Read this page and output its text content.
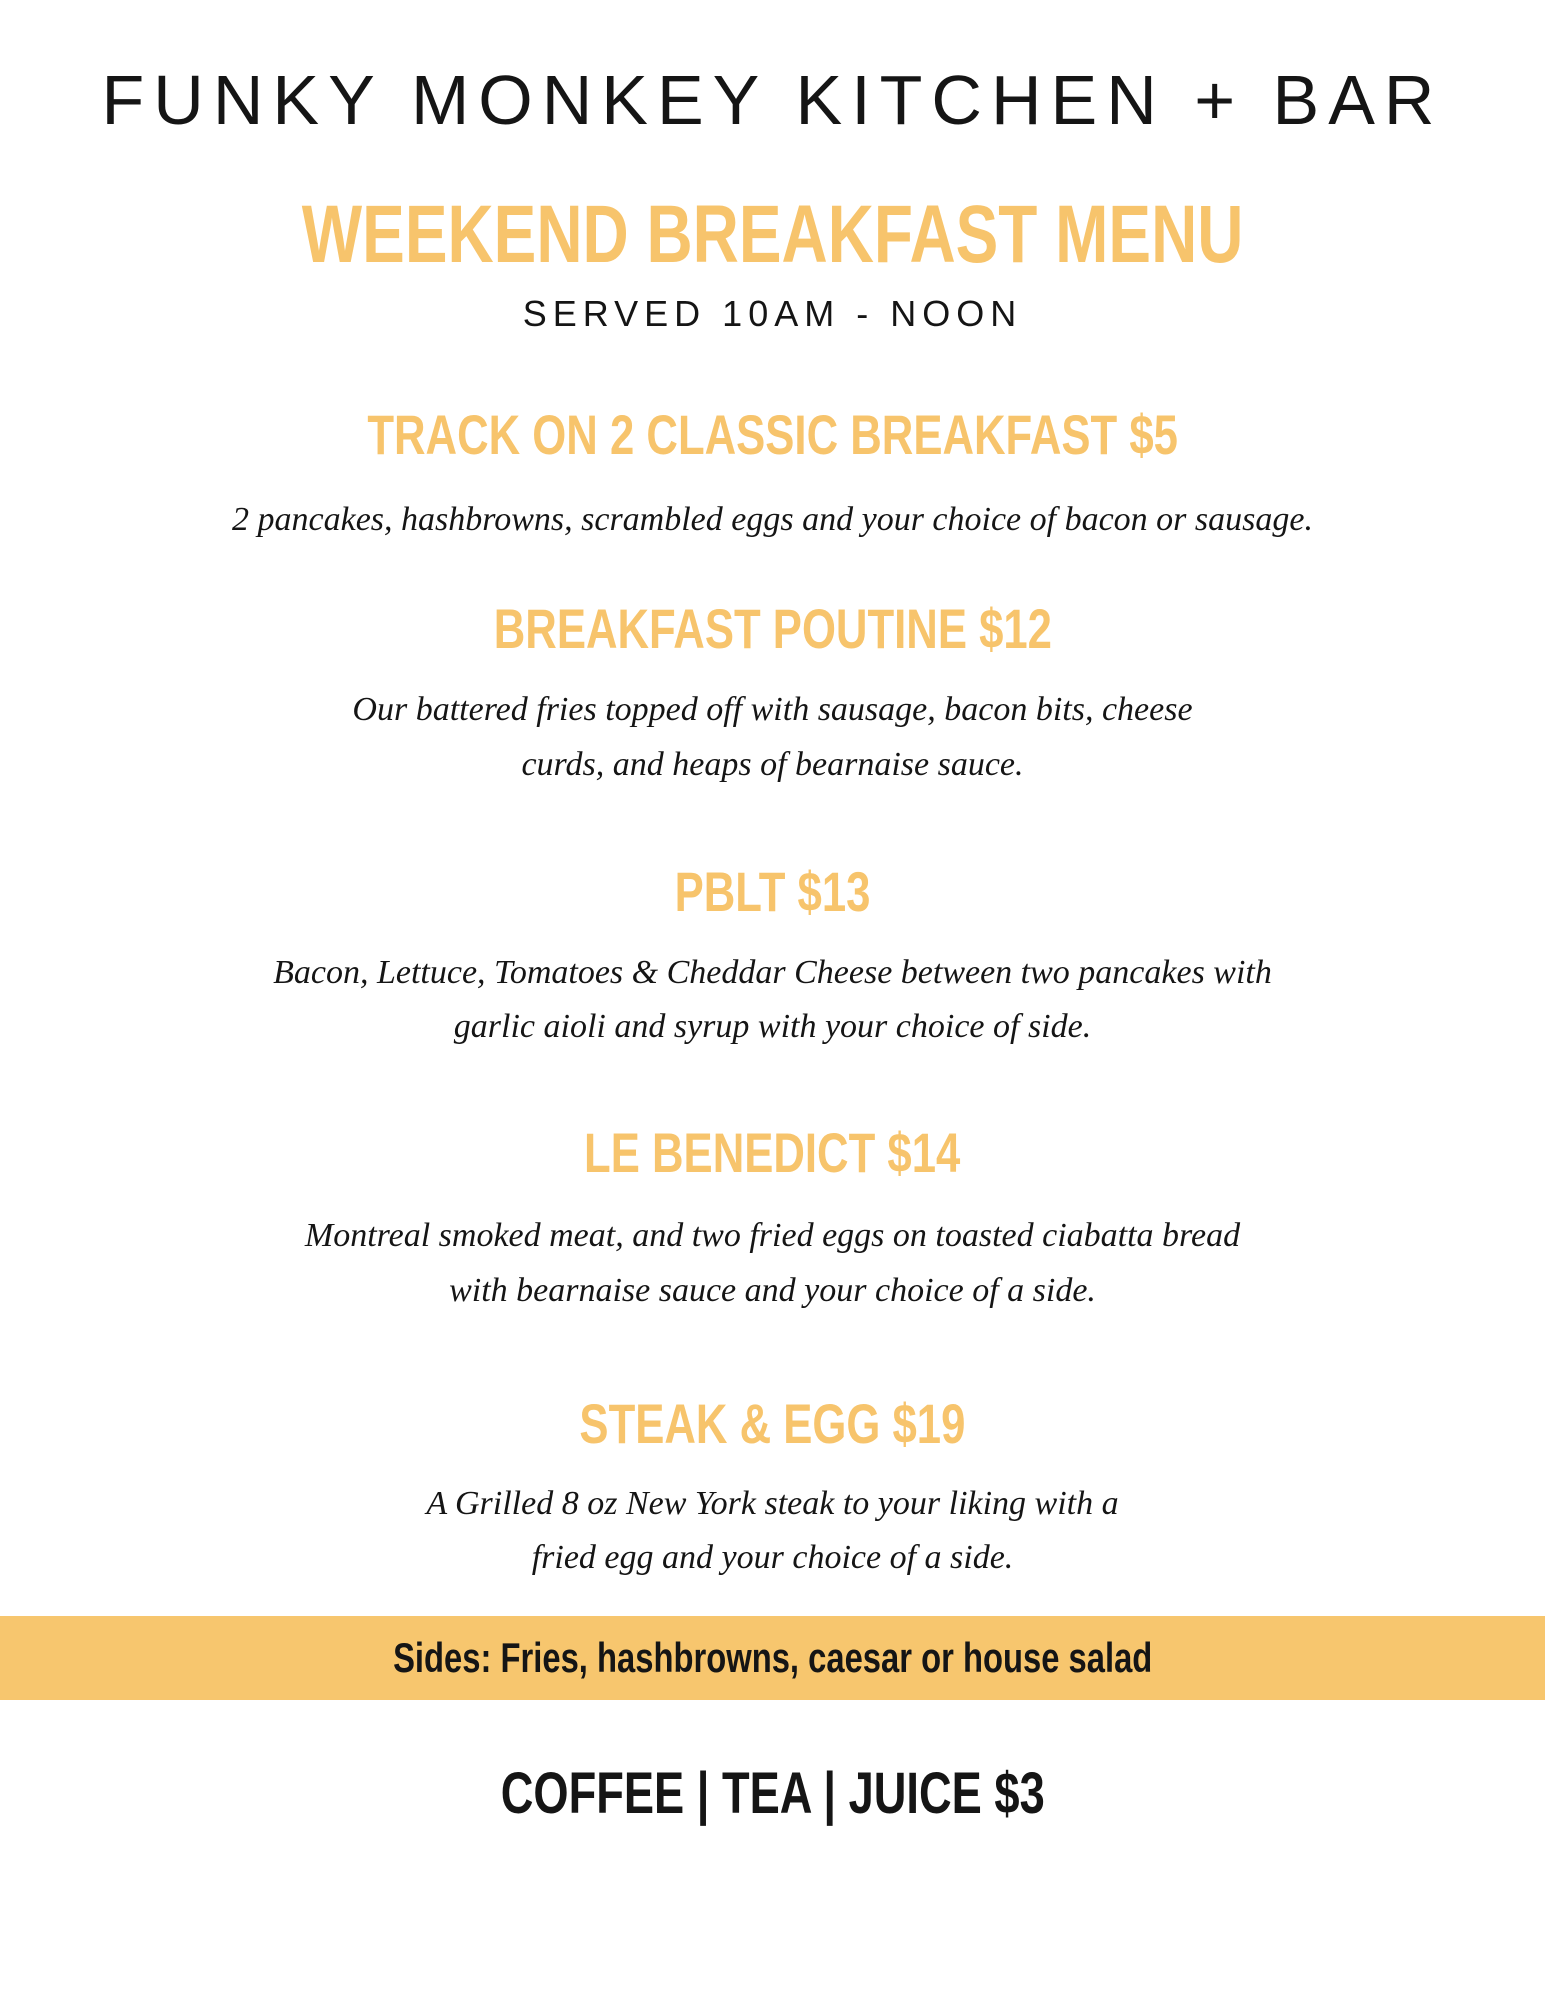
FUNKY MONKEY KITCHEN + BAR
WEEKEND BREAKFAST MENU
SERVED 10AM - NOON
TRACK ON 2 CLASSIC BREAKFAST $5
2 pancakes, hashbrowns, scrambled eggs and your choice of bacon or sausage.
BREAKFAST POUTINE $12
Our battered fries topped off with sausage, bacon bits, cheese
curds, and heaps of bearnaise sauce.
PBLT $13
Bacon, Lettuce, Tomatoes & Cheddar Cheese between two pancakes with
garlic aioli and syrup with your choice of side.
LE BENEDICT $14
Montreal smoked meat, and two fried eggs on toasted ciabatta bread
with bearnaise sauce and your choice of a side.
STEAK & EGG $19
A Grilled 8 oz New York steak to your liking with a
fried egg and your choice of a side.
Sides: Fries, hashbrowns, caesar or house salad
COFFEE | TEA | JUICE $3
